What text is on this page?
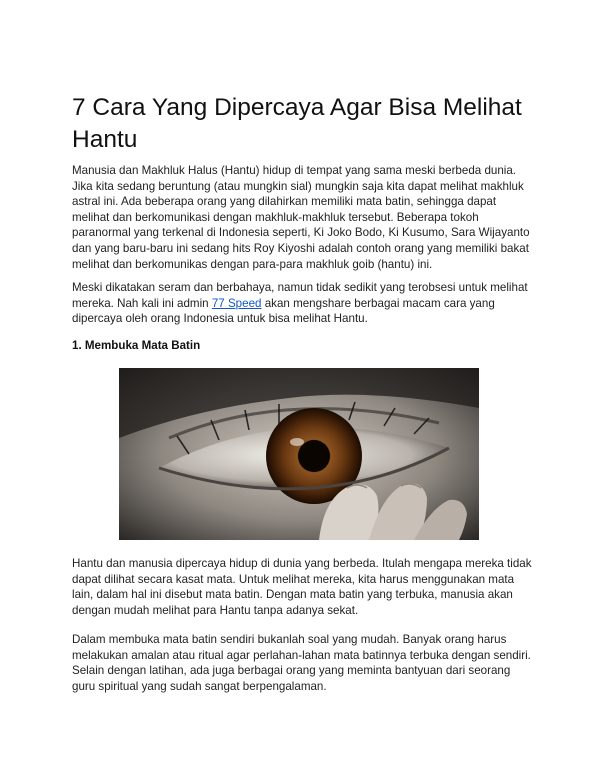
7 Cara Yang Dipercaya Agar Bisa Melihat Hantu

Manusia dan Makhluk Halus (Hantu) hidup di tempat yang sama meski berbeda dunia. Jika kita sedang beruntung (atau mungkin sial) mungkin saja kita dapat melihat makhluk astral ini. Ada beberapa orang yang dilahirkan memiliki mata batin, sehingga dapat melihat dan berkomunikasi dengan makhluk-makhluk tersebut. Beberapa tokoh paranormal yang terkenal di Indonesia seperti, Ki Joko Bodo, Ki Kusumo, Sara Wijayanto dan yang baru-baru ini sedang hits Roy Kiyoshi adalah contoh orang yang memiliki bakat melihat dan berkomunikas dengan para-para makhluk goib (hantu) ini.

Meski dikatakan seram dan berbahaya, namun tidak sedikit yang terobsesi untuk melihat mereka. Nah kali ini admin 77 Speed akan mengshare berbagai macam cara yang dipercaya oleh orang Indonesia untuk bisa melihat Hantu.

1. Membuka Mata Batin

Hantu dan manusia dipercaya hidup di dunia yang berbeda. Itulah mengapa mereka tidak dapat dilihat secara kasat mata. Untuk melihat mereka, kita harus menggunakan mata lain, dalam hal ini disebut mata batin. Dengan mata batin yang terbuka, manusia akan dengan mudah melihat para Hantu tanpa adanya sekat.

Dalam membuka mata batin sendiri bukanlah soal yang mudah. Banyak orang harus melakukan amalan atau ritual agar perlahan-lahan mata batinnya terbuka dengan sendiri. Selain dengan latihan, ada juga berbagai orang yang meminta bantyuan dari seorang guru spiritual yang sudah sangat berpengalaman.
